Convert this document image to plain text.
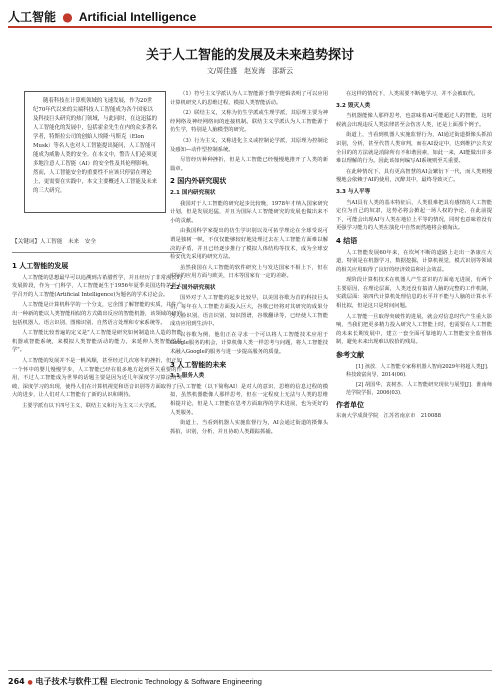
人工智能 ● Artificial Intelligence
关于人工智能的发展及未来趋势探讨
文/周佳盛　赵发海　邵新云
随着科技在计算机领域的飞速发展，作为20世纪70年代以来的尖端科技人工智能成为各个国家以及科技巨头研究的热门领域，与此同时，在这迅猛的人工智能化的发展中，包括霍金先生在内的众多著名学者，特斯拉公司的创始人埃隆·马斯克（Elon Musk）等名人也对人工智能提出疑问，人工智能可能成为威胁人类的安全。在本文中，警告人们必须更多地注意人工智能（AI）的安全性及其伦理影响。然而，人工智能安全的重要性不应该只停留在理论上，更需要在实践中，本文主要概述人工智能及未来的三大研究。
【关键词】人工智能　未来　安全
1 人工智能的发展

人工智能的思想最早可以追溯到古希腊哲学，并且经历了非常漫长的发展阶段，作为一门科学，人工智能诞生于1956年夏季美国达特茅斯大学召开的人工智能(Artificial Intelligence)为题名的学术讨论会。

人工智能是计算机科学的一个分支，它企图了解智能的实质，并生产出一种新的能以人类智能相似的方式做出反应的智能机器，该领域的研究包括机器人、语言识别、图像识别、自然语言处理和专家系统等。

人工智能比较普遍的定义是"人工智能是研究如何制造出人造的智能机器或智能系统，来模拟人类智能活动的能力，来延伸人类智能的科学"。

人工智能的发展并不是一帆风顺，甚至经过几次寒冬的挫折，但正如一个怀中的婴儿慢慢学步，人工智能已经在很多地方起到至关重要的作用，不过人工智能成为世界的话题主要是因为近几年深度学习算法的突破，深度学习的出现，使得人们在计算机视觉和语音识别等方面取得了巨大的进步，让人们对人工智能有了新的认识和期待。

主要学派有以下四号主义，联结主义和行为主义三大学派。

（1）符号主义学派认为人工智能源于数学逻辑表明了可以应用计算机研究人的思维过程，模拟人类智能活动。

（2）联结主义，又称为仿生学派或生理学派，其原理主要为神经网络及神经网络间的连接机制。联结主义学派认为人工智能源于仿生学，特别是人脑模型的研究。

（3）行为主义，又称进化主义或控制论学派，其原理为控制论及感知—动作型控制系统。

尽管经历种种挫折，但是人工智能已经慢慢地推开了人类的新篇章。

2 国内外研究现状
2.1 国内研究现状

我国对于人工智能的研究起步比较晚，1978年才纳入国家研究计划，但是发展迅猛，并且为国际人工智能研究的发展也做出来不小的贡献。

由我国科学家提出的仿生学识别以及可拓学理论在全球受说可谓是独树一帜，不仅仅能够较好地处理过去在人工智能方面难以解决的矛盾，并且已经逐步推行了模拟人体结构等技术，成为全球安检安优先采用的研究方法。

虽然我国在人工智能的软件研究上与发达国家不相上下，但在实际的应用方面与欧美，日本等国家有一定的差距。

2.2 国外研究现状

国外对于人工智能的起步比较早，以美国谷歌为首的科技巨头们，每年在人工智能方面投入巨大，谷歌已经将对其研究的成果分为人脸识别，语音识别，知识图谱，谷歌翻译等，已经使人工智能成功应用到生活中。

以谷歌为例，他们正在寻求一个可以将人工智能技术应用于Google服务的机会，计算机像人类一样思考与问题，将人工智能技术融入Google的服务与进一步提高服务的质量。

3 人工智能的未来
3.1 服务人类

人工智能（以下简称AI）是对人的意识、思维的信息过程的模拟，虽然机器能像人那样思考，但在一定程度上无法与人类的思维相提并论，但是人工智能在思考方面取得的学术进展，也为更好的人类服务。

街道上，当看到机器人实施监督行为，AI会通过街道的摄像头抓拍，识别，分析，并且协助人类跟踪抓捕。

在这样的情况下，人类需要不断地学习，并不会被取代。

3.2 毁灭人类

当机器能像人那样思考，也意味着AI可能超过人的智能，这时候就会出现违反人类法律甚至会伤害人类，还是上面那个例子。

街道上，当看到机器人实施监督行为，AI通过街道摄像头抓拍识别，分析，甚至代替人类审判，而在AI设定中，达到维护公共安全目的的方法就是消除所有不和谐因素，如此一来，AI能做出许多难以理解的行为。因此该如何编写AI系统则至关重要。

在此种情况下，具有更高智慧的AI会繁衍下一代，而人类则慢慢地会依赖于AI的使用，沉醉其中，最终导致灭亡。

3.3 与人平等

当AI具有人类的基本特征后，人类很难把具有感情的人工智能定位为自己的奴隶，这势必将会掀起一场人权的争论，在此前提下，可能会出现AI与人类在地位上平等的情况，同时也意味着没有更强学习能力的人类在演化中自然而然地将会被淘汰。

4 结语

人工智能发展60年来，在坎坷不断的道路上走出一条康庄大道，特别是在机器学习，数据挖掘，计算机视觉，模式识别等领域的相关应用取得了良好的经济效益和社会效益。

现阶段计算机技术在机器人产生意识的方面毫无进展，有两个主要原因，在理论层面，人类还没有搞清人脑的完整的工作机制，实践层面：第四代计算机处理信息的水平并不能与人脑的计算水平相比拟，但是这只是时间问题。

人工智能一旦取得突破性的进展，就会对信息时代产生重大影响，当我们把更多精力投入研究人工智能上时，也需要在人工智能的未来长期发展中，建立一套全面可靠地的人工智能安全监督体制，避免未来出现难以收拾的残局。

参考文献

[1] 孩放．人工智能专家称机器人智商2029年将超人类[J]．科技致富向导，2014(06)．

[2] 胡国华，袁树杰．人工智能研究现状与展望[J]．淮南师范学院学报，2006(03)．

作者单位

东南大学成贤学院　江苏省南京市　210088

264 ● 电子技术与软件工程 Electronic Technology & Software Engineering
